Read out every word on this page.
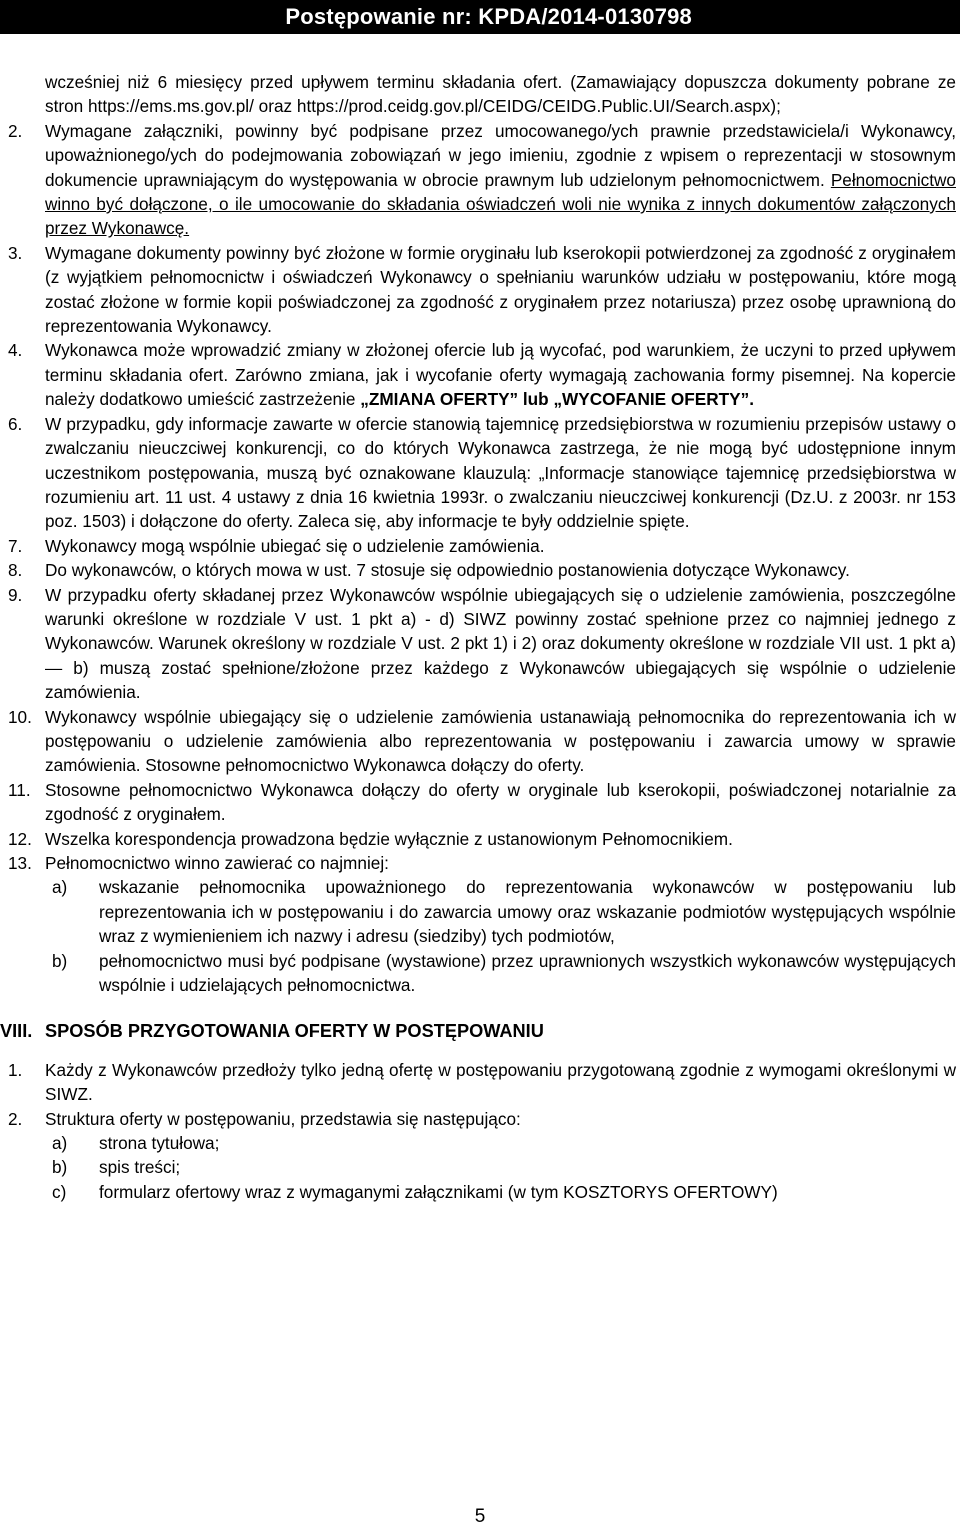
Postępowanie nr: KPDA/2014-0130798
wcześniej niż 6 miesięcy przed upływem terminu składania ofert. (Zamawiający dopuszcza dokumenty pobrane ze stron https://ems.ms.gov.pl/ oraz https://prod.ceidg.gov.pl/CEIDG/CEIDG.Public.UI/Search.aspx);
2. Wymagane załączniki, powinny być podpisane przez umocowanego/ych prawnie przedstawiciela/i Wykonawcy, upoważnionego/ych do podejmowania zobowiązań w jego imieniu, zgodnie z wpisem o reprezentacji w stosownym dokumencie uprawniającym do występowania w obrocie prawnym lub udzielonym pełnomocnictwem. Pełnomocnictwo winno być dołączone, o ile umocowanie do składania oświadczeń woli nie wynika z innych dokumentów załączonych przez Wykonawcę.
3. Wymagane dokumenty powinny być złożone w formie oryginału lub kserokopii potwierdzonej za zgodność z oryginałem (z wyjątkiem pełnomocnictw i oświadczeń Wykonawcy o spełnianiu warunków udziału w postępowaniu, które mogą zostać złożone w formie kopii poświadczonej za zgodność z oryginałem przez notariusza) przez osobę uprawnioną do reprezentowania Wykonawcy.
4. Wykonawca może wprowadzić zmiany w złożonej ofercie lub ją wycofać, pod warunkiem, że uczyni to przed upływem terminu składania ofert. Zarówno zmiana, jak i wycofanie oferty wymagają zachowania formy pisemnej. Na kopercie należy dodatkowo umieścić zastrzeżenie „ZMIANA OFERTY” lub „WYCOFANIE OFERTY”.
6. W przypadku, gdy informacje zawarte w ofercie stanowią tajemnicę przedsiębiorstwa w rozumieniu przepisów ustawy o zwalczaniu nieuczciwej konkurencji, co do których Wykonawca zastrzega, że nie mogą być udostępnione innym uczestnikom postępowania, muszą być oznakowane klauzulą: „Informacje stanowiące tajemnicę przedsiębiorstwa w rozumieniu art. 11 ust. 4 ustawy z dnia 16 kwietnia 1993r. o zwalczaniu nieuczciwej konkurencji (Dz.U. z 2003r. nr 153 poz. 1503) i dołączone do oferty. Zaleca się, aby informacje te były oddzielnie spięte.
7. Wykonawcy mogą wspólnie ubiegać się o udzielenie zamówienia.
8. Do wykonawców, o których mowa w ust. 7 stosuje się odpowiednio postanowienia dotyczące Wykonawcy.
9. W przypadku oferty składanej przez Wykonawców wspólnie ubiegających się o udzielenie zamówienia, poszczególne warunki określone w rozdziale V ust. 1 pkt a) - d) SIWZ powinny zostać spełnione przez co najmniej jednego z Wykonawców. Warunek określony w rozdziale V ust. 2 pkt 1) i 2) oraz dokumenty określone w rozdziale VII ust. 1 pkt a) — b) muszą zostać spełnione/złożone przez każdego z Wykonawców ubiegających się wspólnie o udzielenie zamówienia.
10. Wykonawcy wspólnie ubiegający się o udzielenie zamówienia ustanawiają pełnomocnika do reprezentowania ich w postępowaniu o udzielenie zamówienia albo reprezentowania w postępowaniu i zawarcia umowy w sprawie zamówienia. Stosowne pełnomocnictwo Wykonawca dołączy do oferty.
11. Stosowne pełnomocnictwo Wykonawca dołączy do oferty w oryginale lub kserokopii, poświadczonej notarialnie za zgodność z oryginałem.
12. Wszelka korespondencja prowadzona będzie wyłącznie z ustanowionym Pełnomocnikiem.
13. Pełnomocnictwo winno zawierać co najmniej:
a) wskazanie pełnomocnika upoważnionego do reprezentowania wykonawców w postępowaniu lub reprezentowania ich w postępowaniu i do zawarcia umowy oraz wskazanie podmiotów występujących wspólnie wraz z wymienieniem ich nazwy i adresu (siedziby) tych podmiotów,
b) pełnomocnictwo musi być podpisane (wystawione) przez uprawnionych wszystkich wykonawców występujących wspólnie i udzielających pełnomocnictwa.
VIII. SPOSÓB PRZYGOTOWANIA OFERTY W POSTĘPOWANIU
1. Każdy z Wykonawców przedłoży tylko jedną ofertę w postępowaniu przygotowaną zgodnie z wymogami określonymi w SIWZ.
2. Struktura oferty w postępowaniu, przedstawia się następująco:
a) strona tytułowa;
b) spis treści;
c) formularz ofertowy wraz z wymaganymi załącznikami (w tym KOSZTORYS OFERTOWY)
5
